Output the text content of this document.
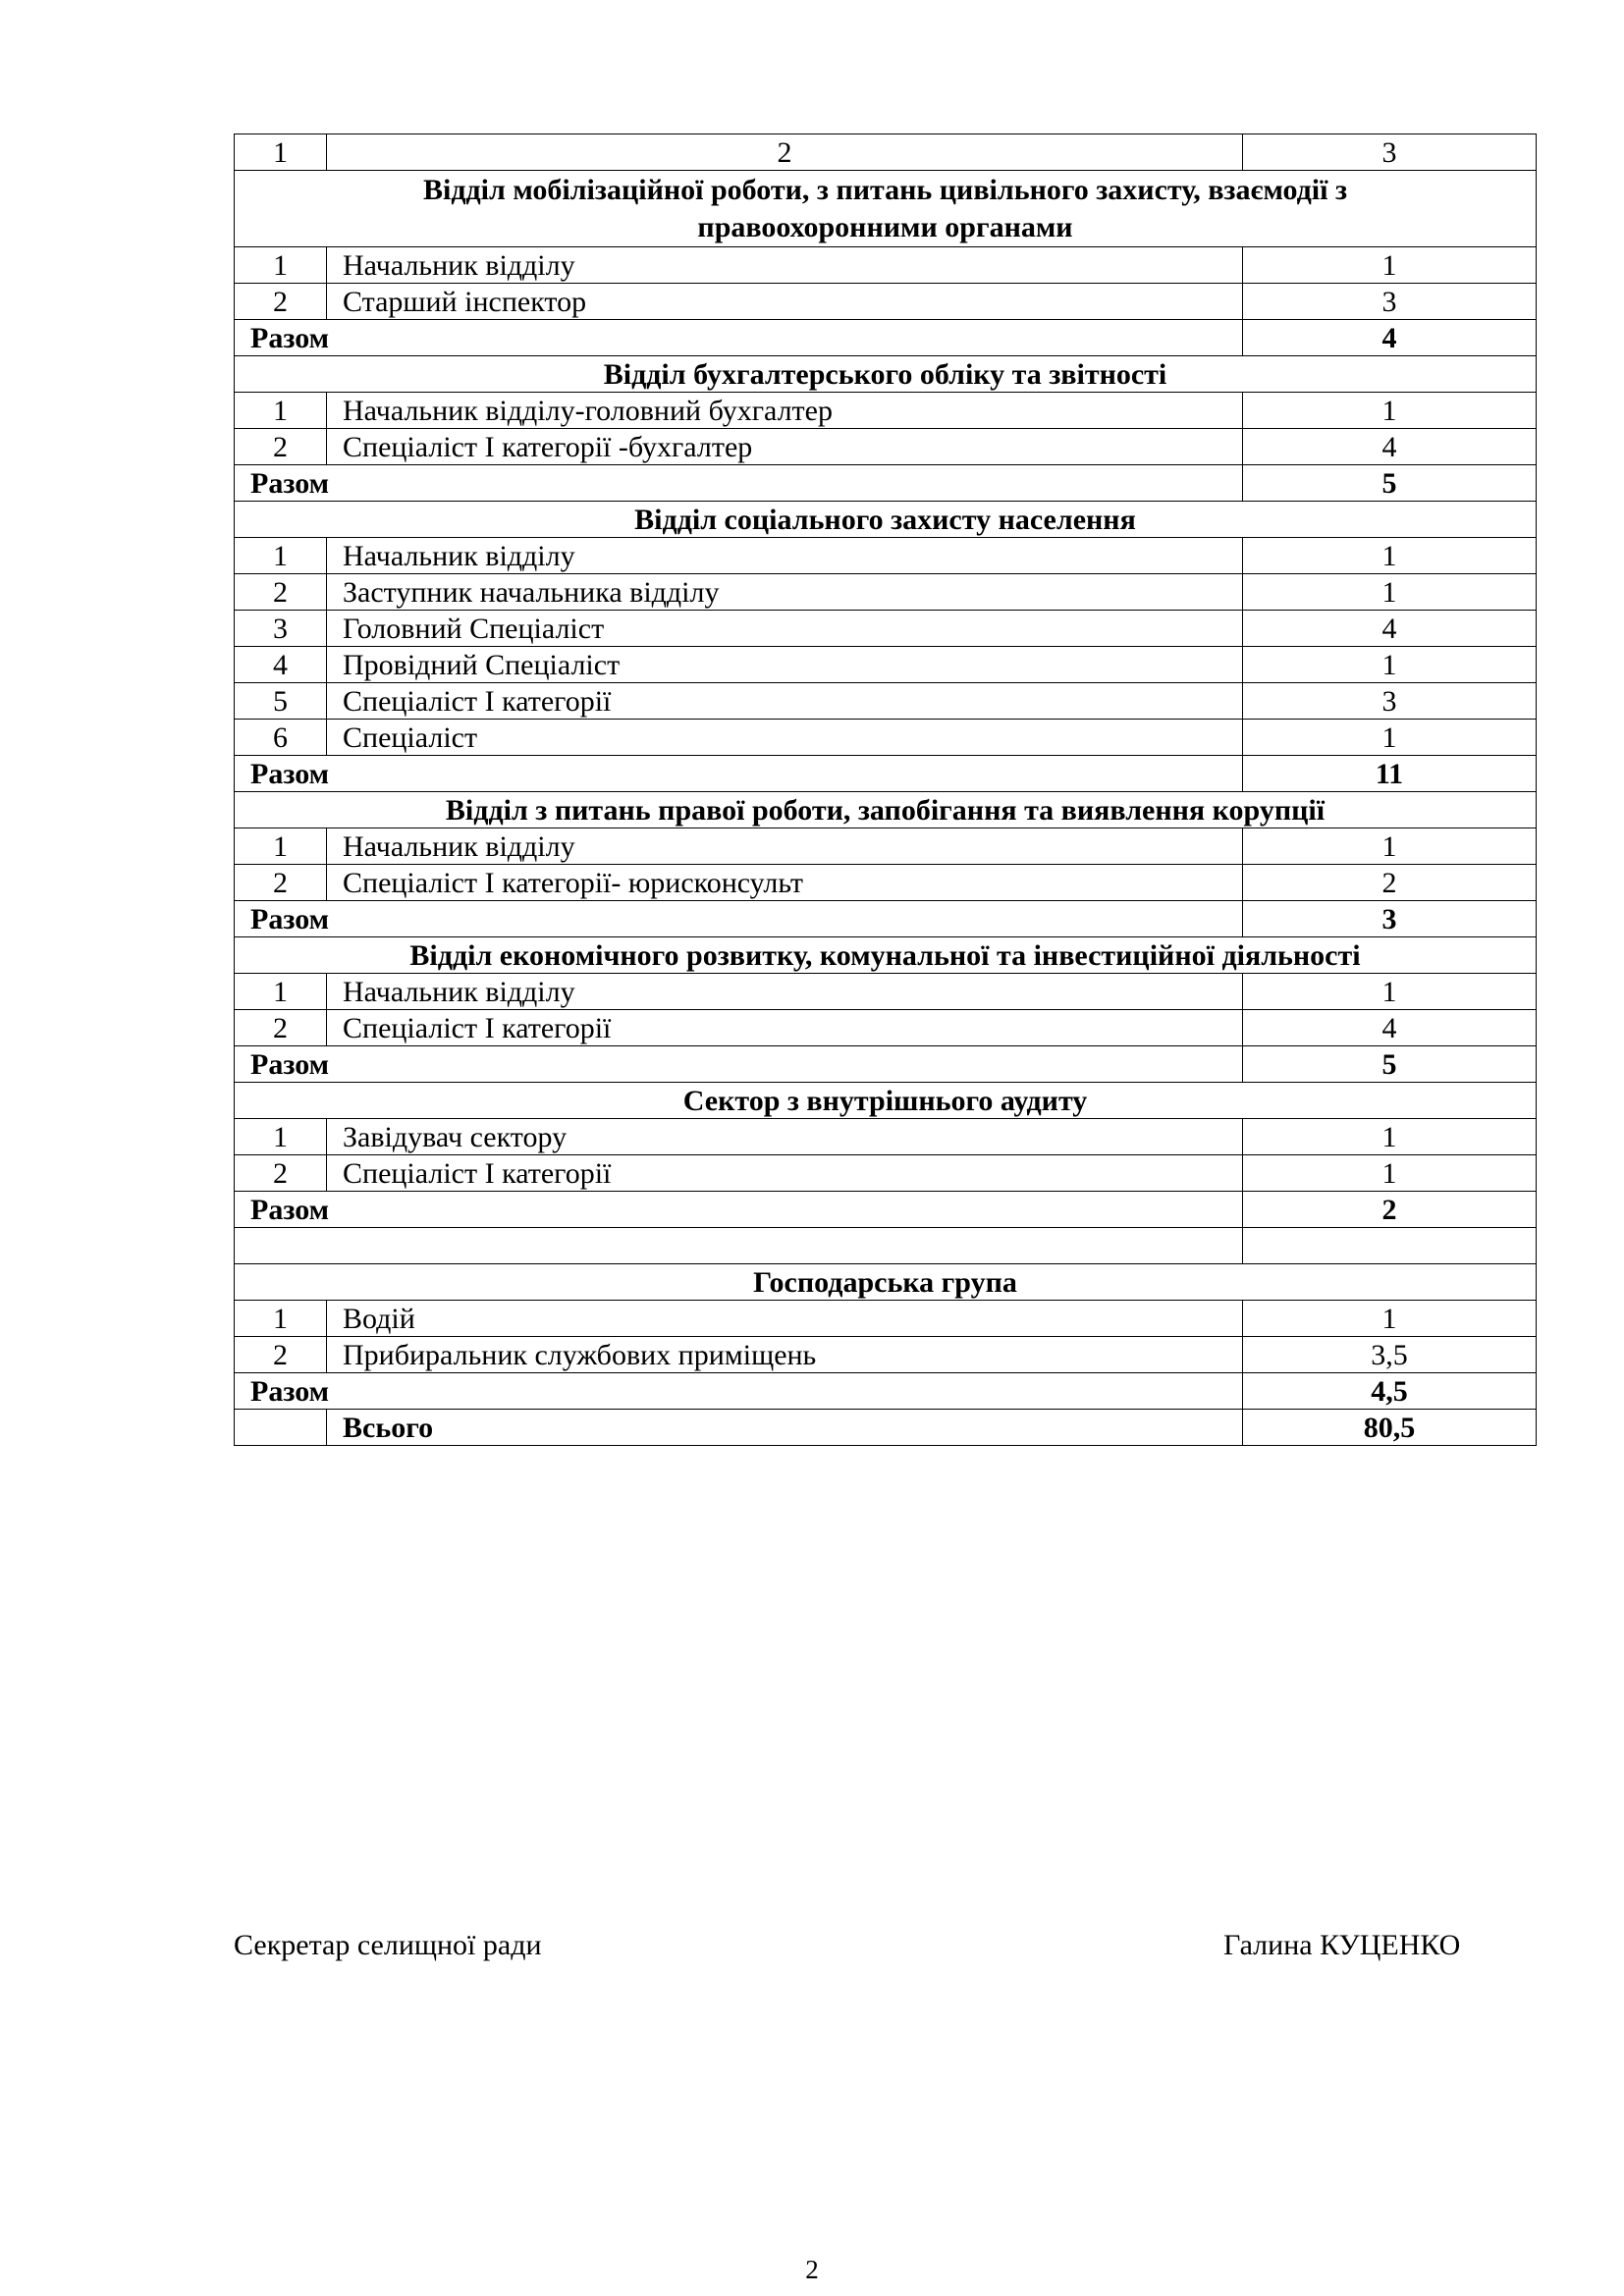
1	2	3
Відділ мобілізаційної роботи, з питань цивільного захисту, взаємодії з
правоохоронними органами		
1	Начальник відділу	1
2	Старший інспектор	3
Разом		4
Відділ бухгалтерського обліку та звітності		
1	Начальник відділу-головний бухгалтер	1
2	Спеціаліст І категорії -бухгалтер	4
Разом		5
Відділ соціального захисту населення		
1	Начальник відділу	1
2	Заступник начальника відділу	1
3	Головний Спеціаліст	4
4	Провідний Спеціаліст	1
5	Спеціаліст І категорії	3
6	Спеціаліст	1
Разом		11
Відділ з питань правої роботи, запобігання та виявлення корупції		
1	Начальник відділу	1
2	Спеціаліст І категорії- юрисконсульт	2
Разом		3
Відділ економічного розвитку, комунальної та інвестиційної діяльності		
1	Начальник відділу	1
2	Спеціаліст І категорії	4
Разом		5
Сектор з внутрішнього аудиту		
1	Завідувач сектору	1
2	Спеціаліст І категорії	1
Разом		2

Господарська група		
1	Водій	1
2	Прибиральник службових приміщень	3,5
Разом		4,5
	Всього	80,5
Секретар селищної ради	Галина КУЦЕНКО
2
